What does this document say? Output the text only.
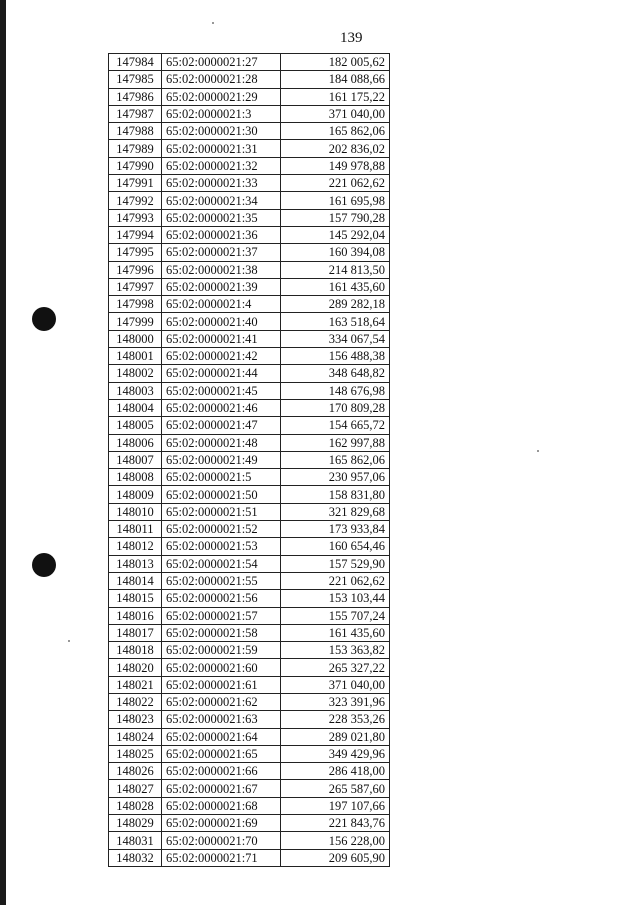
139
147984	65:02:0000021:27	182 005,62
147985	65:02:0000021:28	184 088,66
147986	65:02:0000021:29	161 175,22
147987	65:02:0000021:3	371 040,00
147988	65:02:0000021:30	165 862,06
147989	65:02:0000021:31	202 836,02
147990	65:02:0000021:32	149 978,88
147991	65:02:0000021:33	221 062,62
147992	65:02:0000021:34	161 695,98
147993	65:02:0000021:35	157 790,28
147994	65:02:0000021:36	145 292,04
147995	65:02:0000021:37	160 394,08
147996	65:02:0000021:38	214 813,50
147997	65:02:0000021:39	161 435,60
147998	65:02:0000021:4	289 282,18
147999	65:02:0000021:40	163 518,64
148000	65:02:0000021:41	334 067,54
148001	65:02:0000021:42	156 488,38
148002	65:02:0000021:44	348 648,82
148003	65:02:0000021:45	148 676,98
148004	65:02:0000021:46	170 809,28
148005	65:02:0000021:47	154 665,72
148006	65:02:0000021:48	162 997,88
148007	65:02:0000021:49	165 862,06
148008	65:02:0000021:5	230 957,06
148009	65:02:0000021:50	158 831,80
148010	65:02:0000021:51	321 829,68
148011	65:02:0000021:52	173 933,84
148012	65:02:0000021:53	160 654,46
148013	65:02:0000021:54	157 529,90
148014	65:02:0000021:55	221 062,62
148015	65:02:0000021:56	153 103,44
148016	65:02:0000021:57	155 707,24
148017	65:02:0000021:58	161 435,60
148018	65:02:0000021:59	153 363,82
148020	65:02:0000021:60	265 327,22
148021	65:02:0000021:61	371 040,00
148022	65:02:0000021:62	323 391,96
148023	65:02:0000021:63	228 353,26
148024	65:02:0000021:64	289 021,80
148025	65:02:0000021:65	349 429,96
148026	65:02:0000021:66	286 418,00
148027	65:02:0000021:67	265 587,60
148028	65:02:0000021:68	197 107,66
148029	65:02:0000021:69	221 843,76
148031	65:02:0000021:70	156 228,00
148032	65:02:0000021:71	209 605,90
